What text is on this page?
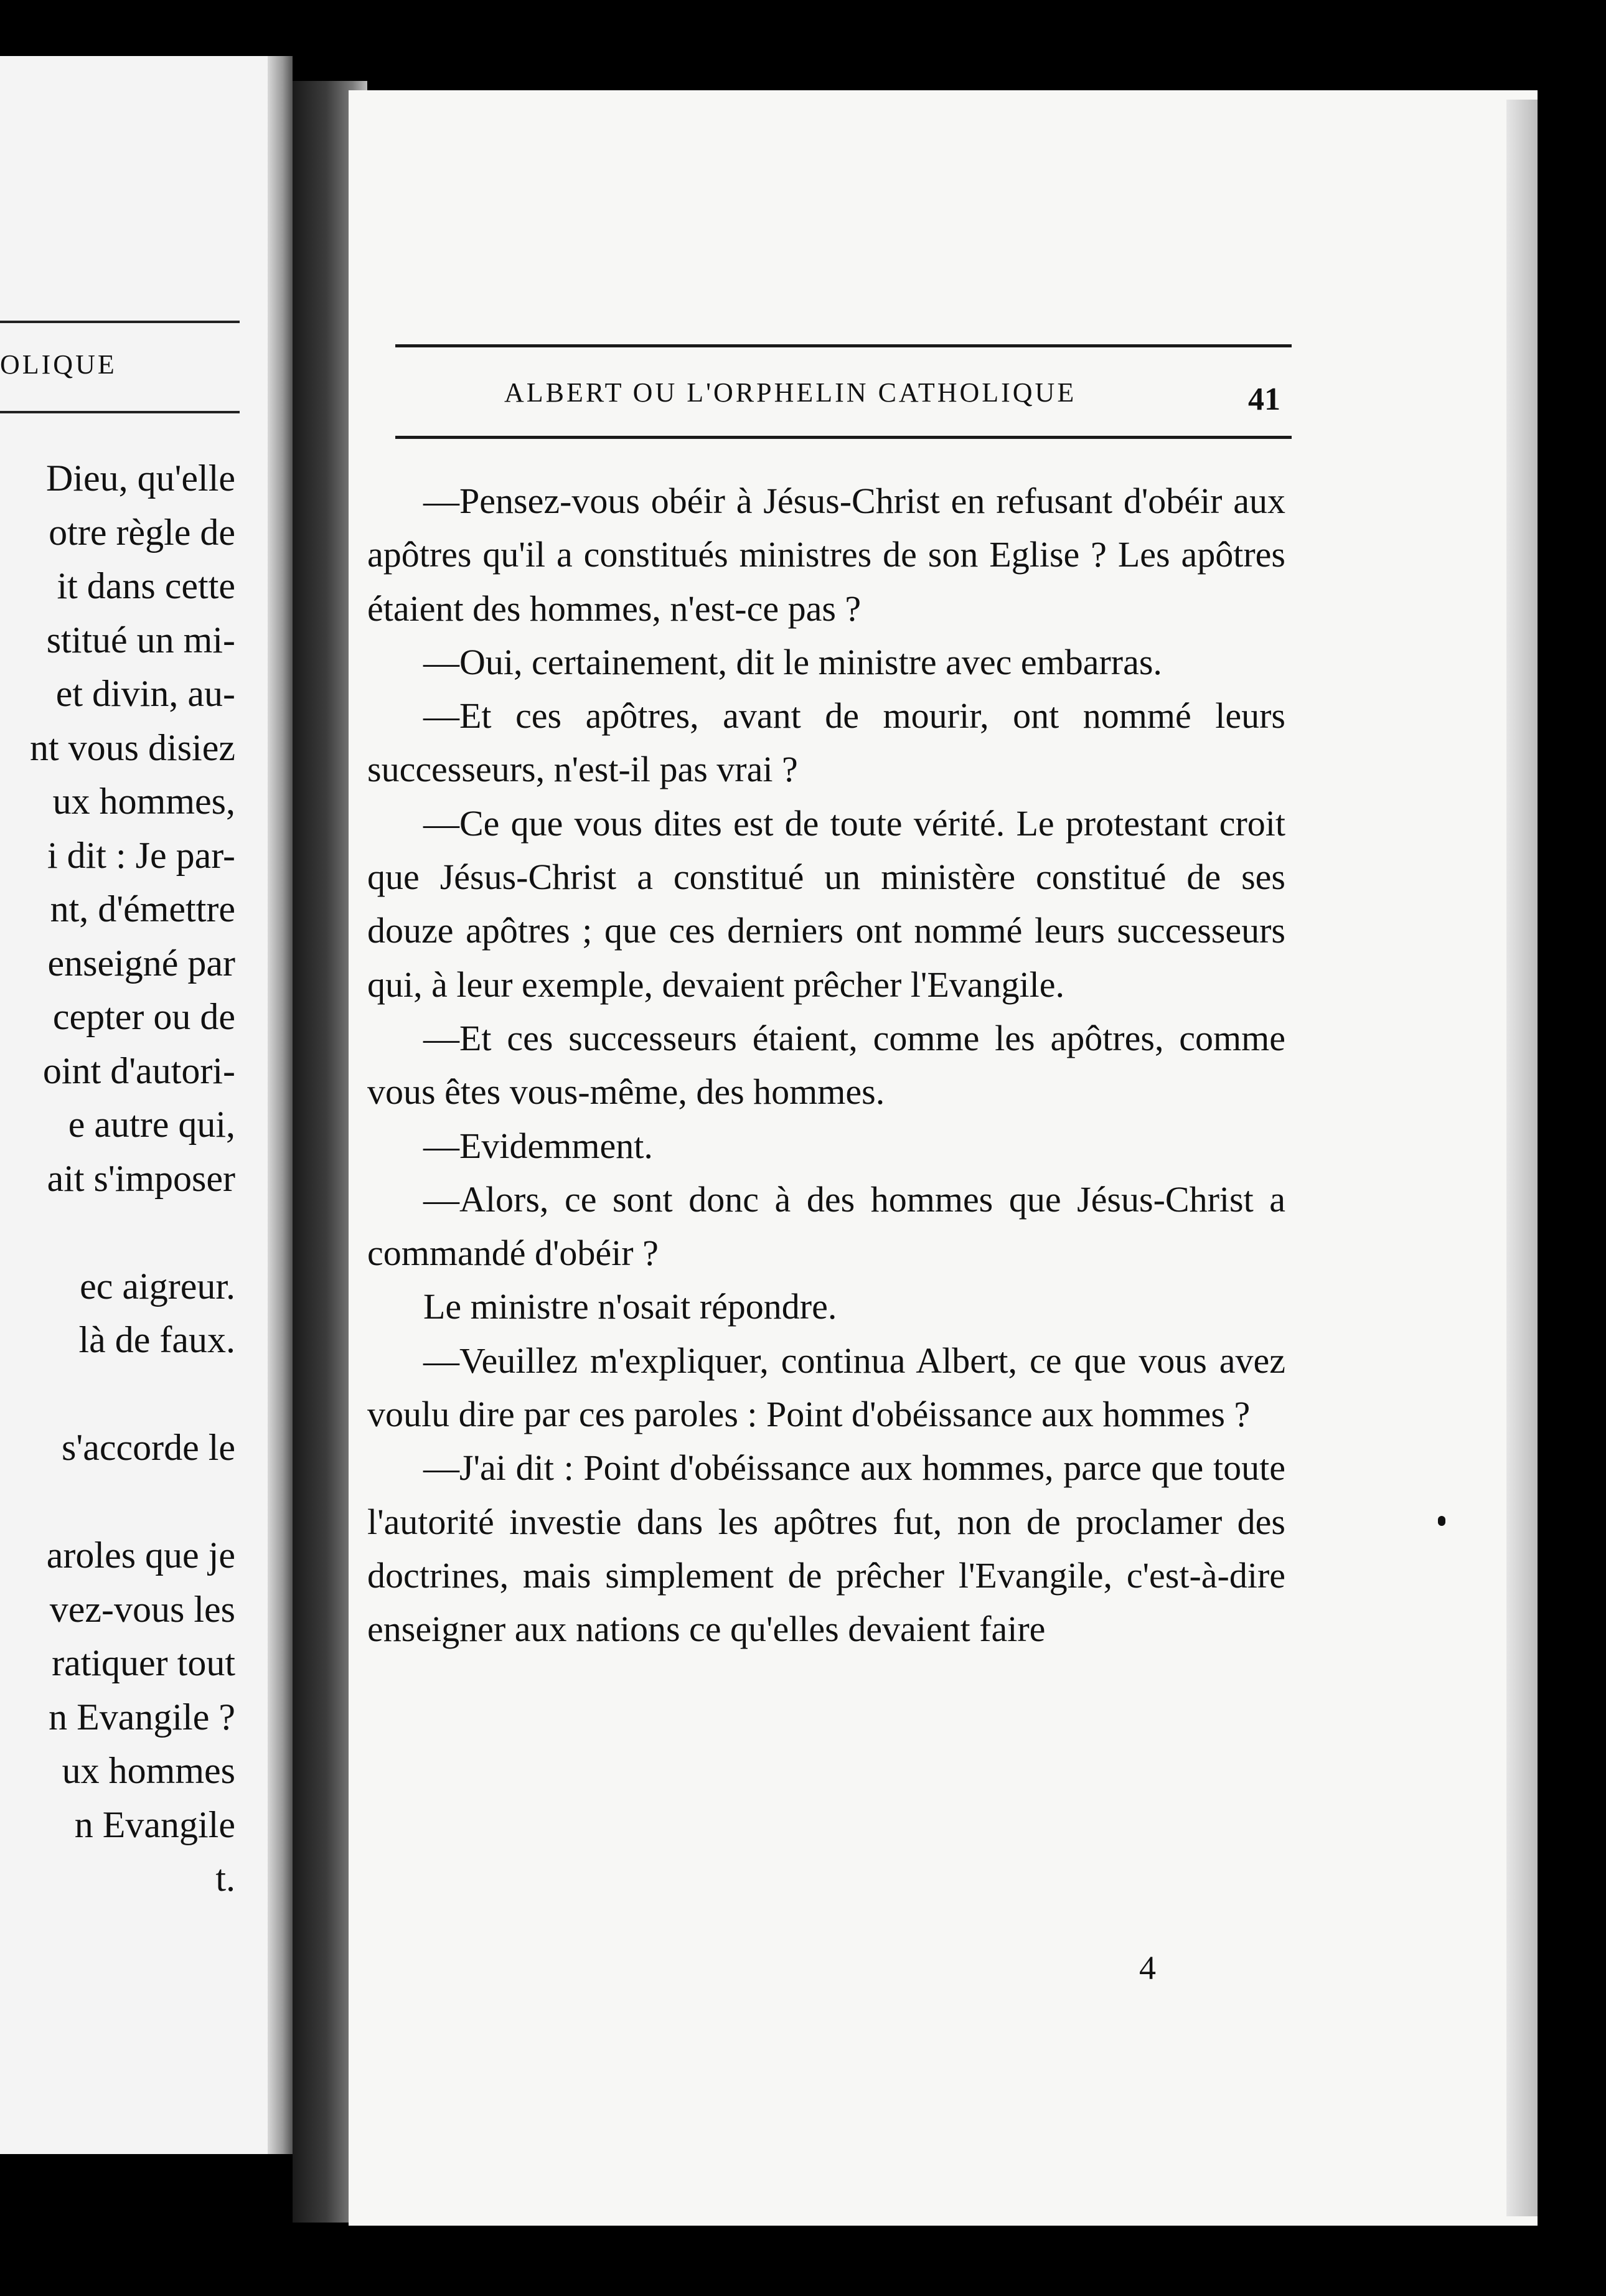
OLIQUE
Dieu, qu'elle
otre règle de
it dans cette
stitué un mi-
et divin, au-
nt vous disiez
ux hommes,
i dit : Je par-
nt, d'émettre
enseigné par
cepter ou de
oint d'autori-
e autre qui,
ait s'imposer
ec aigreur.
là de faux.
s'accorde le
aroles que je
vez-vous les
ratiquer tout
n Evangile ?
ux hommes
n Evangile
t.
ALBERT OU L'ORPHELIN CATHOLIQUE	41

—Pensez-vous obéir à Jésus-Christ en refusant d'obéir aux apôtres qu'il a constitués ministres de son Eglise ? Les apôtres étaient des hommes, n'est-ce pas ?

—Oui, certainement, dit le ministre avec embarras.

—Et ces apôtres, avant de mourir, ont nommé leurs successeurs, n'est-il pas vrai ?

—Ce que vous dites est de toute vérité. Le protestant croit que Jésus-Christ a constitué un ministère constitué de ses douze apôtres ; que ces derniers ont nommé leurs successeurs qui, à leur exemple, devaient prêcher l'Evangile.

—Et ces successeurs étaient, comme les apôtres, comme vous êtes vous-même, des hommes.

—Evidemment.

—Alors, ce sont donc à des hommes que Jésus-Christ a commandé d'obéir ?

Le ministre n'osait répondre.

—Veuillez m'expliquer, continua Albert, ce que vous avez voulu dire par ces paroles : Point d'obéissance aux hommes ?

—J'ai dit : Point d'obéissance aux hommes, parce que toute l'autorité investie dans les apôtres fut, non de proclamer des doctrines, mais simplement de prêcher l'Evangile, c'est-à-dire enseigner aux nations ce qu'elles devaient faire

4
